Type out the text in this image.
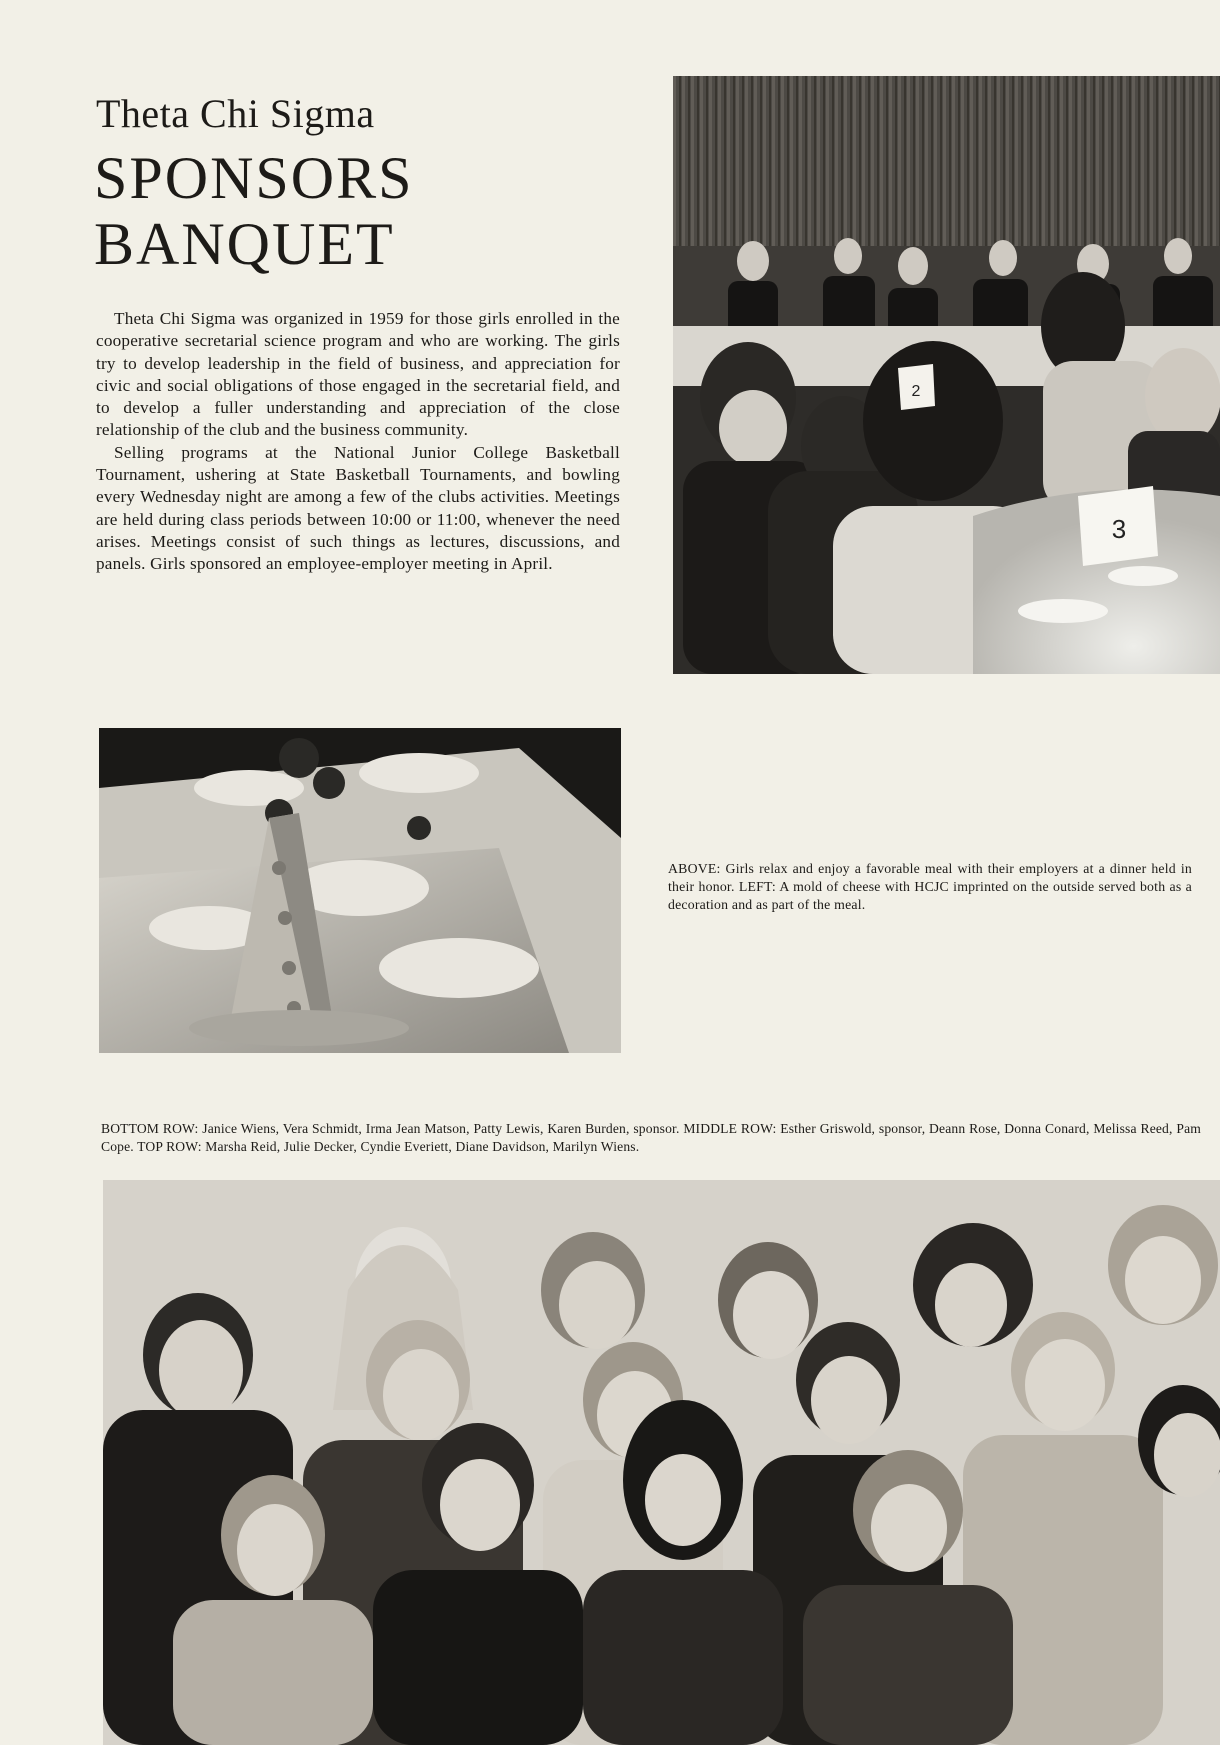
Theta Chi Sigma
SPONSORS BANQUET

Theta Chi Sigma was organized in 1959 for those girls enrolled in the cooperative secretarial science program and who are working. The girls try to develop leadership in the field of business, and appreciation for civic and social obligations of those engaged in the secretarial field, and to develop a fuller understanding and appreciation of the close relationship of the club and the business community.

Selling programs at the National Junior College Basketball Tournament, ushering at State Basketball Tournaments, and bowling every Wednesday night are among a few of the clubs activities. Meetings are held during class periods between 10:00 or 11:00, whenever the need arises. Meetings consist of such things as lectures, discussions, and panels. Girls sponsored an employee-employer meeting in April.

2
3
ABOVE: Girls relax and enjoy a favorable meal with their employers at a dinner held in their honor. LEFT: A mold of cheese with HCJC imprinted on the outside served both as a decoration and as part of the meal.
BOTTOM ROW: Janice Wiens, Vera Schmidt, Irma Jean Matson, Patty Lewis, Karen Burden, sponsor. MIDDLE ROW: Esther Griswold, sponsor, Deann Rose, Donna Conard, Melissa Reed, Pam Cope. TOP ROW: Marsha Reid, Julie Decker, Cyndie Everiett, Diane Davidson, Marilyn Wiens.
